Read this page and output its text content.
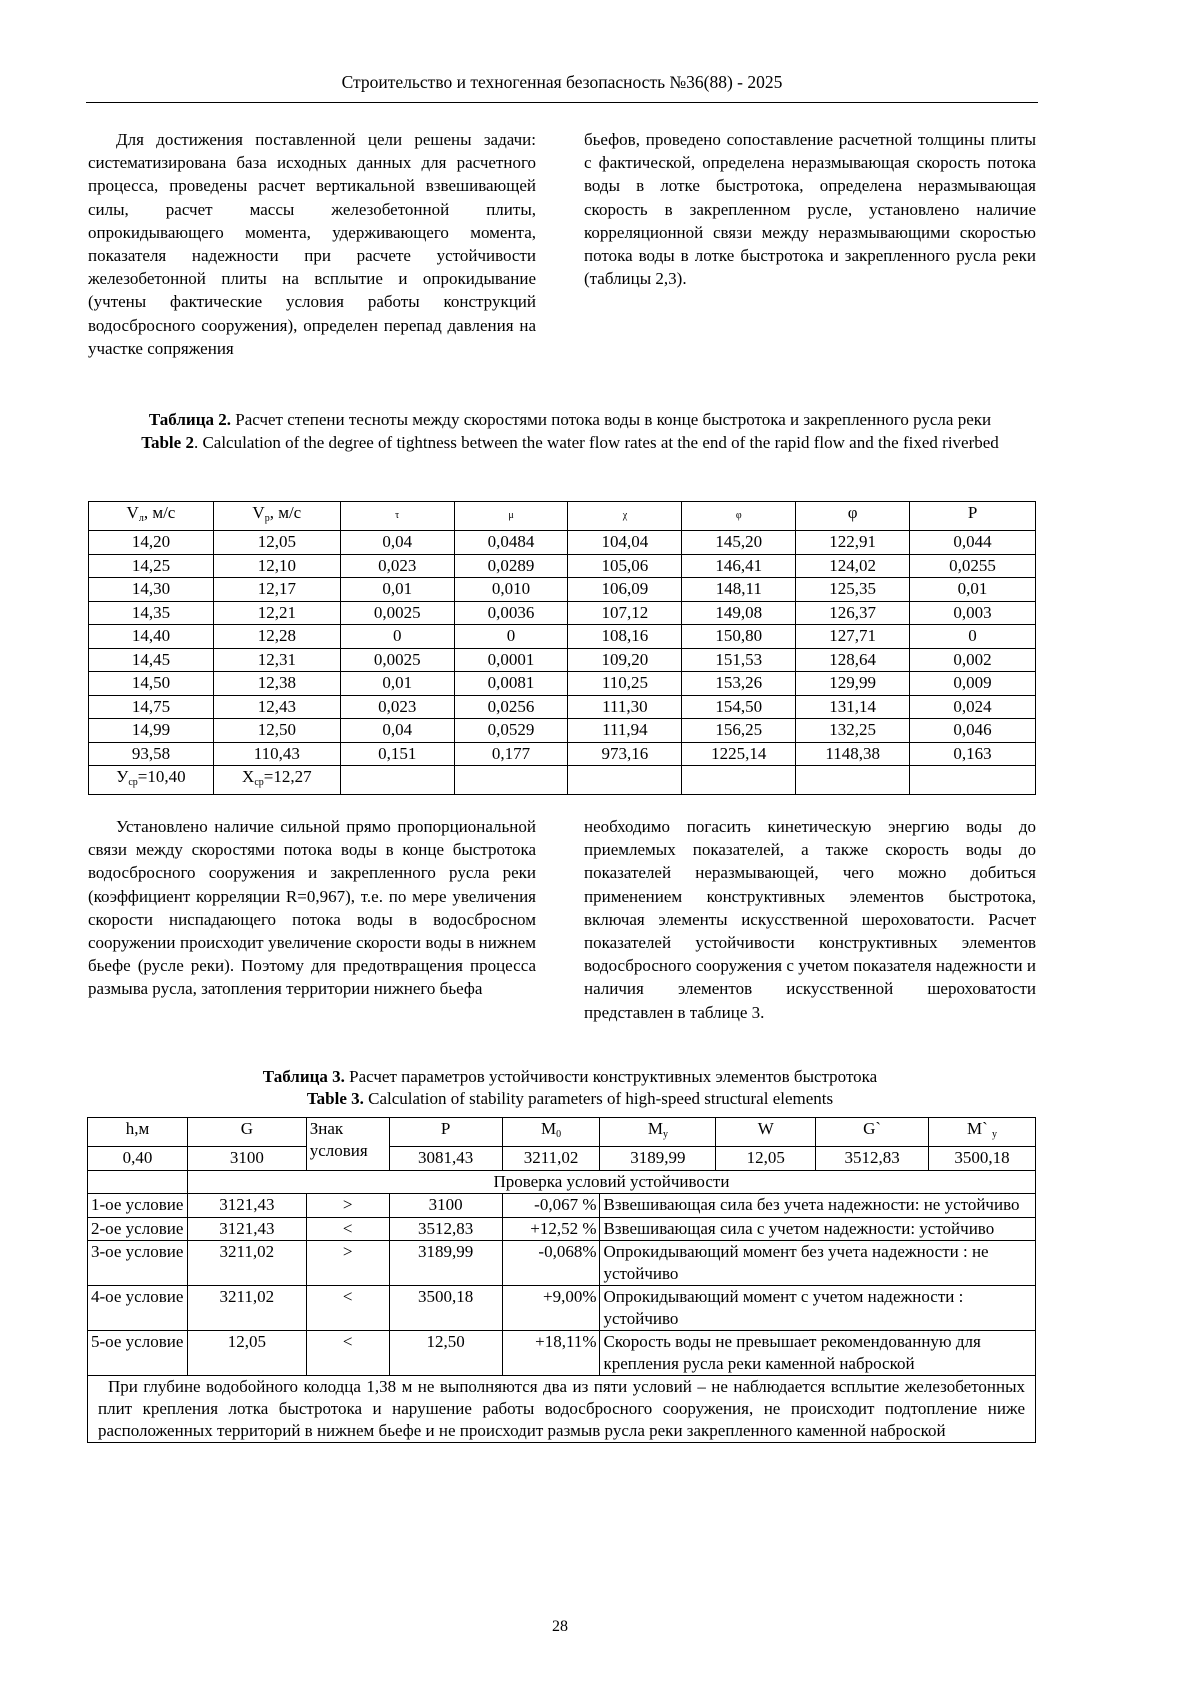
Строительство и техногенная безопасность №36(88) - 2025

Для достижения поставленной цели решены задачи: систематизирована база исходных данных для расчетного процесса, проведены расчет вертикальной взвешивающей силы, расчет массы железобетонной плиты, опрокидывающего момента, удерживающего момента, показателя надежности при расчете устойчивости железобетонной плиты на всплытие и опрокидывание (учтены фактические условия работы конструкций водосбросного сооружения), определен перепад давления на участке сопряжения

бьефов, проведено сопоставление расчетной толщины плиты с фактической, определена неразмывающая скорость потока воды в лотке быстротока, определена неразмывающая скорость в закрепленном русле, установлено наличие корреляционной связи между неразмывающими скоростью потока воды в лотке быстротока и закрепленного русла реки (таблицы 2,3).

Таблица 2. Расчет степени тесноты между скоростями потока воды в конце быстротока и закрепленного русла реки
Table 2. Calculation of the degree of tightness between the water flow rates at the end of the rapid flow and the fixed riverbed
$V_л$, м/с	$V_р$, м/с	τ	μ	χ	φ	φ	Р
14,20	12,05	0,04	0,0484	104,04	145,20	122,91	0,044
14,25	12,10	0,023	0,0289	105,06	146,41	124,02	0,0255
14,30	12,17	0,01	0,010	106,09	148,11	125,35	0,01
14,35	12,21	0,0025	0,0036	107,12	149,08	126,37	0,003
14,40	12,28	0	0	108,16	150,80	127,71	0
14,45	12,31	0,0025	0,0001	109,20	151,53	128,64	0,002
14,50	12,38	0,01	0,0081	110,25	153,26	129,99	0,009
14,75	12,43	0,023	0,0256	111,30	154,50	131,14	0,024
14,99	12,50	0,04	0,0529	111,94	156,25	132,25	0,046
93,58	110,43	0,151	0,177	973,16	1225,14	1148,38	0,163
$У_{ср}=10,40$	$Х_{ср}=12,27$						

Установлено наличие сильной прямо пропорциональной связи между скоростями потока воды в конце быстротока водосбросного сооружения и закрепленного русла реки (коэффициент корреляции R=0,967), т.е. по мере увеличения скорости ниспадающего потока воды в водосбросном сооружении происходит увеличение скорости воды в нижнем бьефе (русле реки). Поэтому для предотвращения процесса размыва русла, затопления территории нижнего бьефа

необходимо погасить кинетическую энергию воды до приемлемых показателей, а также скорость воды до показателей неразмывающей, чего можно добиться применением конструктивных элементов быстротока, включая элементы искусственной шероховатости. Расчет показателей устойчивости конструктивных элементов водосбросного сооружения с учетом показателя надежности и наличия элементов искусственной шероховатости представлен в таблице 3.

Таблица 3. Расчет параметров устойчивости конструктивных элементов быстротока
Table 3. Calculation of stability parameters of high-speed structural elements
h,м	G	Знак условия	Р	$М_0$	$М_у$	W	G`	М` $_у$
0,40	3100		3081,43	3211,02	3189,99	12,05	3512,83	3500,18
	Проверка условий устойчивости							
1-ое условие	3121,43	>	3100	-0,067 %	Взвешивающая сила без учета надежности: не устойчиво			
2-ое условие	3121,43	<	3512,83	+12,52 %	Взвешивающая сила с учетом надежности: устойчиво			
3-ое условие	3211,02	>	3189,99	-0,068%	Опрокидывающий момент без учета надежности : не устойчиво			
4-ое условие	3211,02	<	3500,18	+9,00%	Опрокидывающий момент с учетом надежности : устойчиво			
5-ое условие	12,05	<	12,50	+18,11%	Скорость воды не превышает рекомендованную для крепления русла реки каменной наброской			
При глубине водобойного колодца 1,38 м не выполняются два из пяти условий – не наблюдается всплытие железобетонных плит крепления лотка быстротока и нарушение работы водосбросного сооружения, не происходит подтопление ниже расположенных территорий в нижнем бьефе и не происходит размыв русла реки закрепленного каменной наброской								
28
